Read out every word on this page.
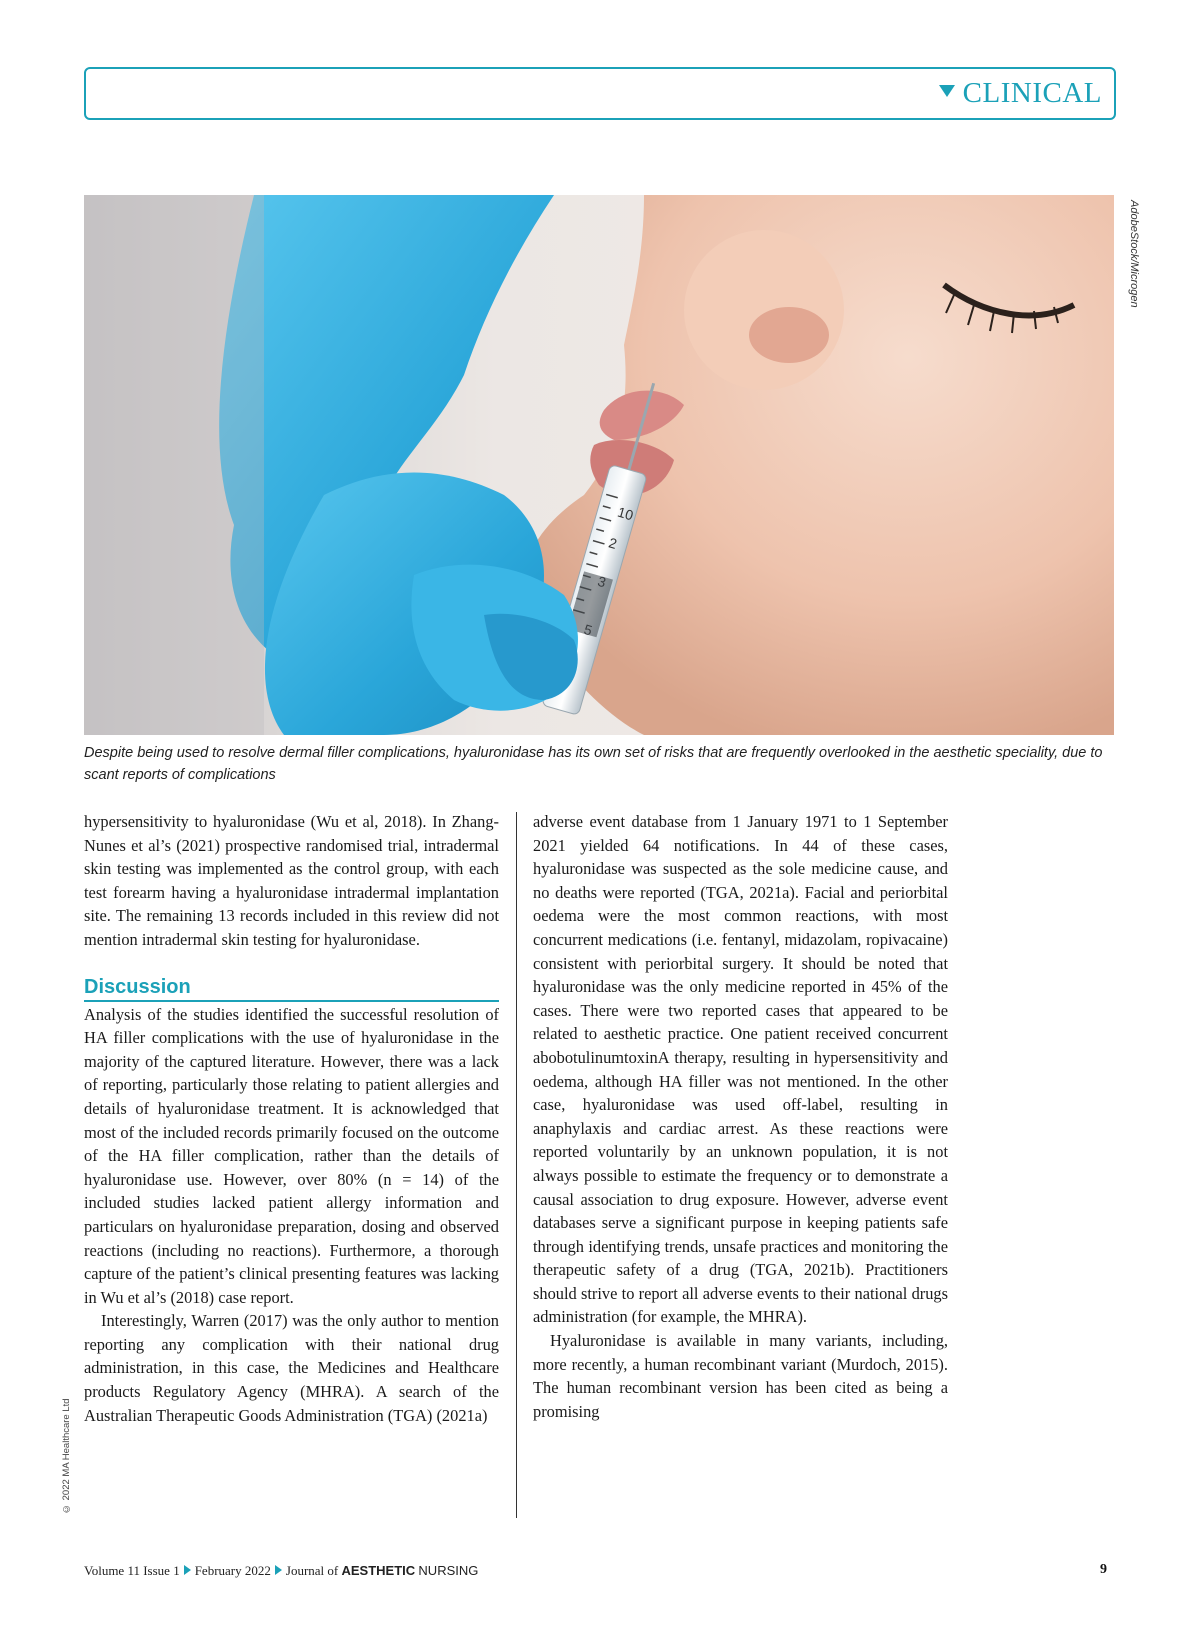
CLINICAL
10
2
AdobeStock/Microgen
Despite being used to resolve dermal filler complications, hyaluronidase has its own set of risks that are frequently overlooked in the aesthetic speciality, due to scant reports of complications

hypersensitivity to hyaluronidase (Wu et al, 2018). In Zhang-Nunes et al’s (2021) prospective randomised trial, intradermal skin testing was implemented as the control group, with each test forearm having a hyaluronidase intradermal implantation site. The remaining 13 records included in this review did not mention intradermal skin testing for hyaluronidase.

Discussion

Analysis of the studies identified the successful resolution of HA filler complications with the use of hyaluronidase in the majority of the captured literature. However, there was a lack of reporting, particularly those relating to patient allergies and details of hyaluronidase treatment. It is acknowledged that most of the included records primarily focused on the outcome of the HA filler complication, rather than the details of hyaluronidase use. However, over 80% (n = 14) of the included studies lacked patient allergy information and particulars on hyaluronidase preparation, dosing and observed reactions (including no reactions). Furthermore, a thorough capture of the patient’s clinical presenting features was lacking in Wu et al’s (2018) case report.

Interestingly, Warren (2017) was the only author to mention reporting any complication with their national drug administration, in this case, the Medicines and Healthcare products Regulatory Agency (MHRA). A search of the Australian Therapeutic Goods Administration (TGA) (2021a)

adverse event database from 1 January 1971 to 1 September 2021 yielded 64 notifications. In 44 of these cases, hyaluronidase was suspected as the sole medicine cause, and no deaths were reported (TGA, 2021a). Facial and periorbital oedema were the most common reactions, with most concurrent medications (i.e. fentanyl, midazolam, ropivacaine) consistent with periorbital surgery. It should be noted that hyaluronidase was the only medicine reported in 45% of the cases. There were two reported cases that appeared to be related to aesthetic practice. One patient received concurrent abobotulinumtoxinA therapy, resulting in hypersensitivity and oedema, although HA filler was not mentioned. In the other case, hyaluronidase was used off-label, resulting in anaphylaxis and cardiac arrest. As these reactions were reported voluntarily by an unknown population, it is not always possible to estimate the frequency or to demonstrate a causal association to drug exposure. However, adverse event databases serve a significant purpose in keeping patients safe through identifying trends, unsafe practices and monitoring the therapeutic safety of a drug (TGA, 2021b). Practitioners should strive to report all adverse events to their national drugs administration (for example, the MHRA).

Hyaluronidase is available in many variants, including, more recently, a human recombinant variant (Murdoch, 2015). The human recombinant version has been cited as being a promising

© 2022 MA Healthcare Ltd
Volume 11 Issue 1 February 2022 Journal of AESTHETIC NURSING	9
